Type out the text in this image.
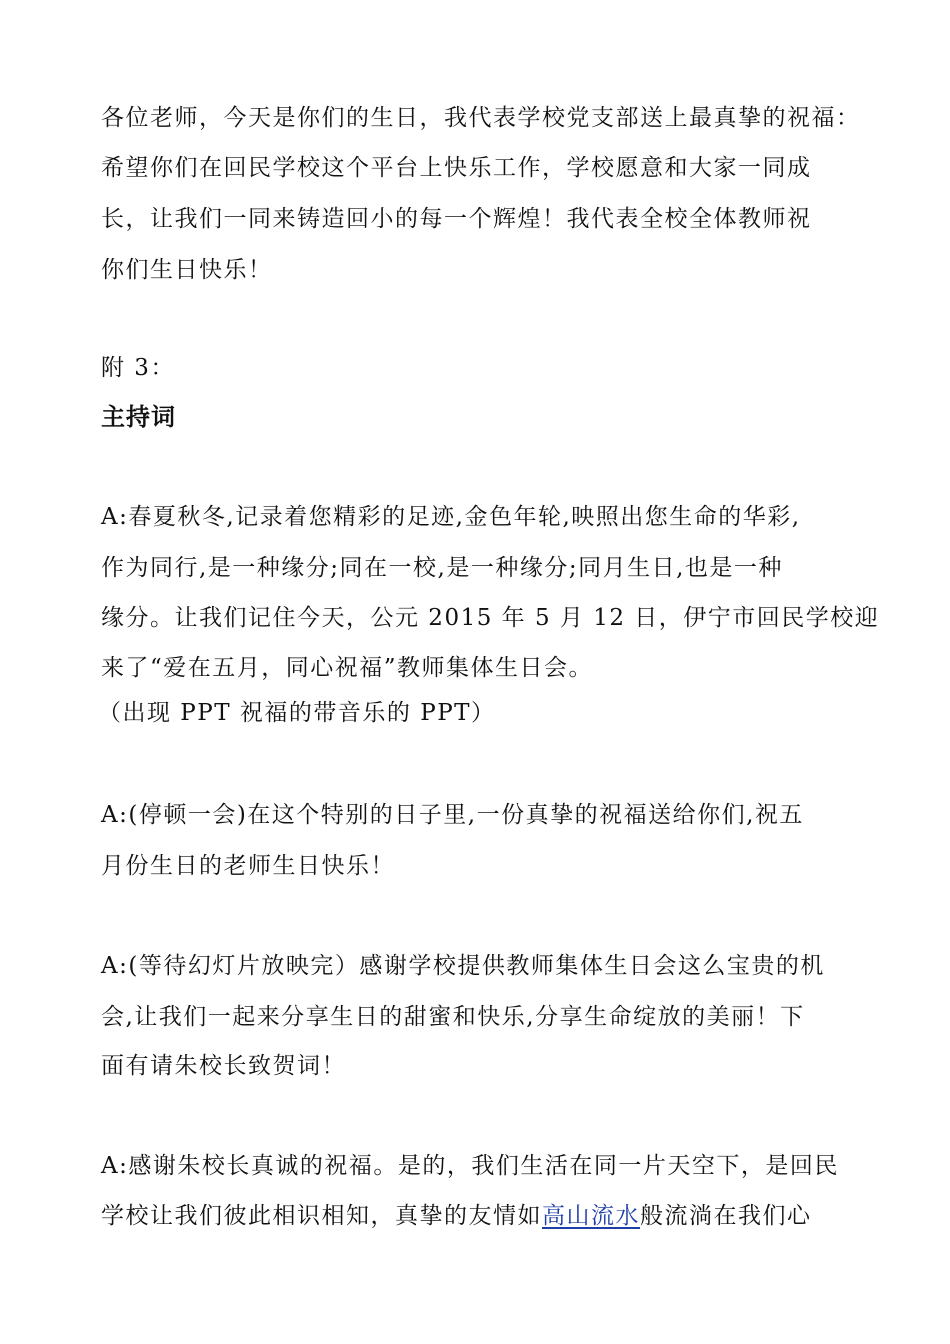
各位老师，今天是你们的生日，我代表学校党支部送上最真挚的祝福：
希望你们在回民学校这个平台上快乐工作，学校愿意和大家一同成
长，让我们一同来铸造回小的每一个辉煌！我代表全校全体教师祝
你们生日快乐！
附 3：
主持词
A:春夏秋冬,记录着您精彩的足迹,金色年轮,映照出您生命的华彩,
作为同行,是一种缘分;同在一校,是一种缘分;同月生日,也是一种
缘分。让我们记住今天，公元 2015 年 5 月 12 日，伊宁市回民学校迎
来了“爱在五月，同心祝福”教师集体生日会。
（出现 PPT 祝福的带音乐的 PPT）
A:(停顿一会)在这个特别的日子里,一份真挚的祝福送给你们,祝五
月份生日的老师生日快乐！
A:(等待幻灯片放映完）感谢学校提供教师集体生日会这么宝贵的机
会,让我们一起来分享生日的甜蜜和快乐,分享生命绽放的美丽！下
面有请朱校长致贺词！
A:感谢朱校长真诚的祝福。是的，我们生活在同一片天空下，是回民
学校让我们彼此相识相知，真挚的友情如高山流水般流淌在我们心
